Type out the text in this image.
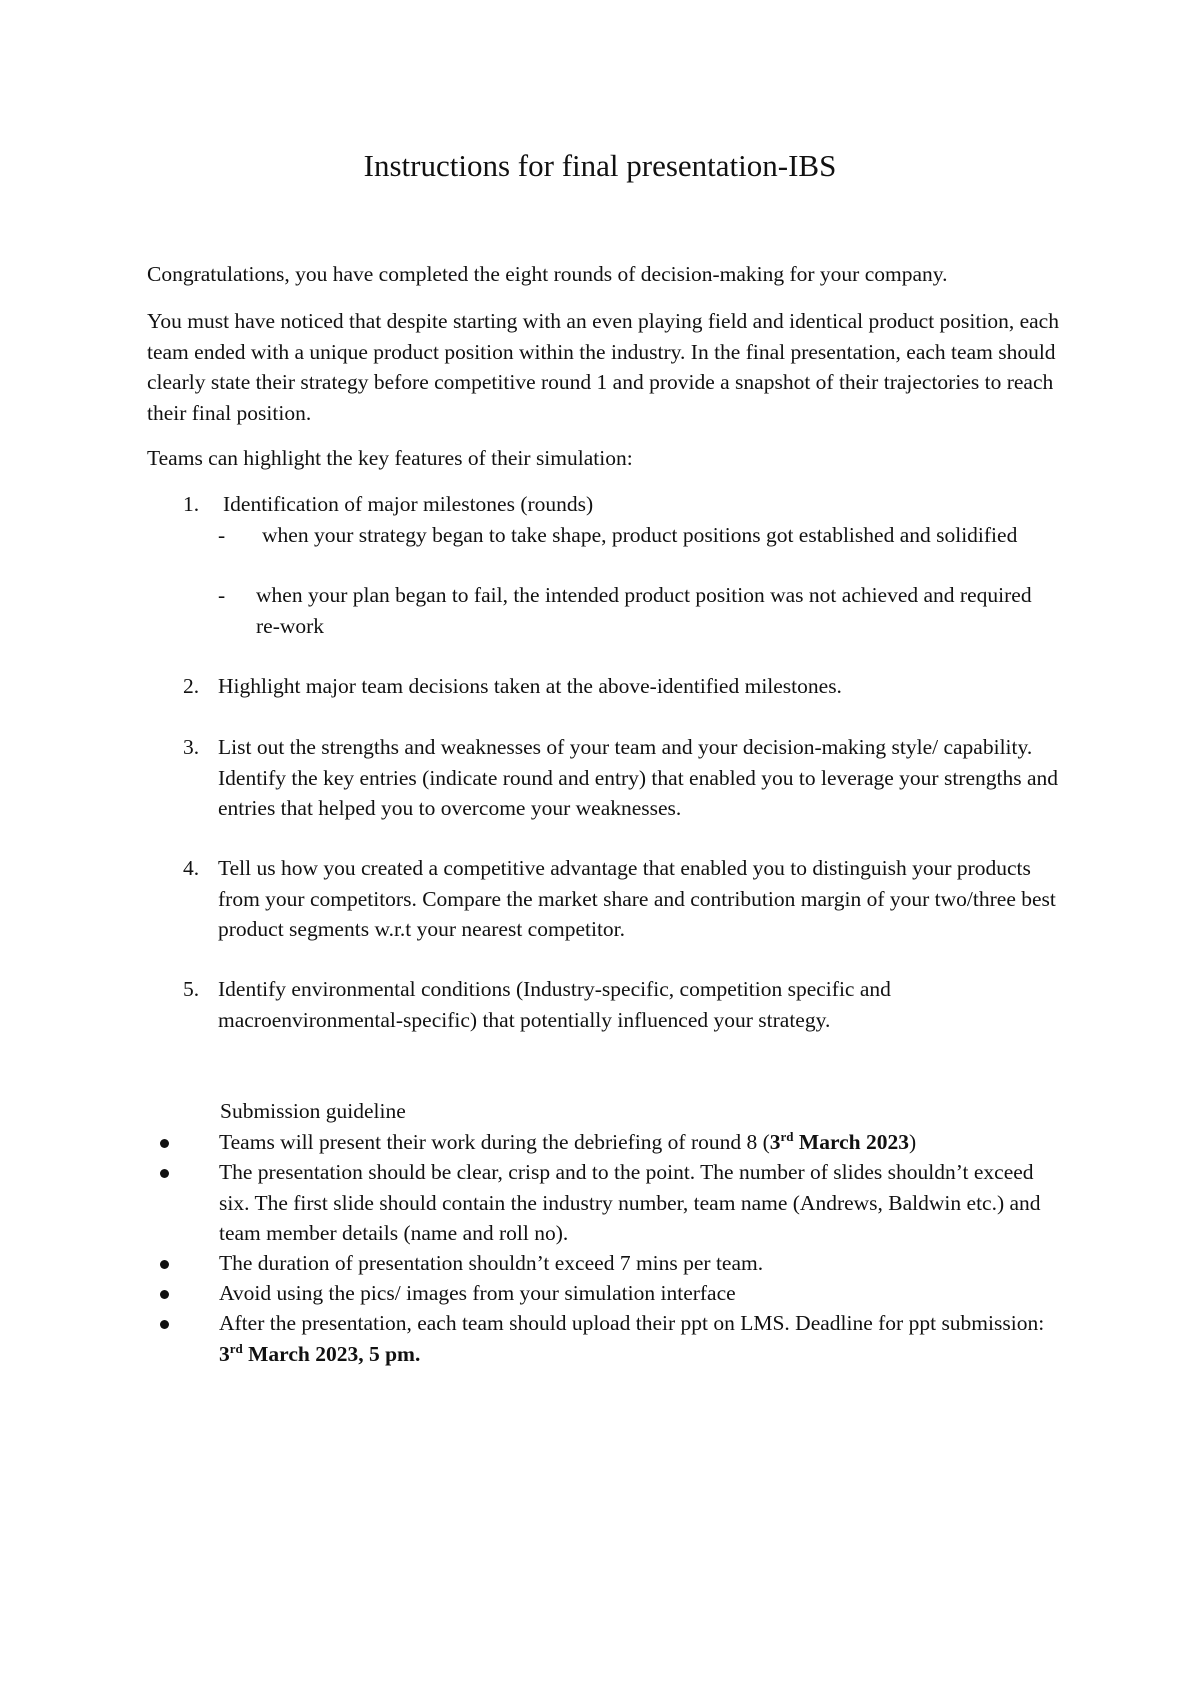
Instructions for final presentation-IBS

Congratulations, you have completed the eight rounds of decision-making for your company.

You must have noticed that despite starting with an even playing field and identical product position, each team ended with a unique product position within the industry. In the final presentation, each team should clearly state their strategy before competitive round 1 and provide a snapshot of their trajectories to reach their final position.

Teams can highlight the key features of their simulation:

1.	Identification of major milestones (rounds)
- when your strategy began to take shape, product positions got established and solidified
- when your plan began to fail, the intended product position was not achieved and required re-work
2. Highlight major team decisions taken at the above-identified milestones.
3. List out the strengths and weaknesses of your team and your decision-making style/ capability. Identify the key entries (indicate round and entry) that enabled you to leverage your strengths and entries that helped you to overcome your weaknesses.
4. Tell us how you created a competitive advantage that enabled you to distinguish your products from your competitors. Compare the market share and contribution margin of your two/three best product segments w.r.t your nearest competitor.
5. Identify environmental conditions (Industry-specific, competition specific and macroenvironmental-specific) that potentially influenced your strategy.
Submission guideline
Teams will present their work during the debriefing of round 8 (3rd March 2023)
The presentation should be clear, crisp and to the point. The number of slides shouldn’t exceed six. The first slide should contain the industry number, team name (Andrews, Baldwin etc.) and team member details (name and roll no).
The duration of presentation shouldn’t exceed 7 mins per team.
Avoid using the pics/ images from your simulation interface
After the presentation, each team should upload their ppt on LMS. Deadline for ppt submission: 3rd March 2023, 5 pm.
